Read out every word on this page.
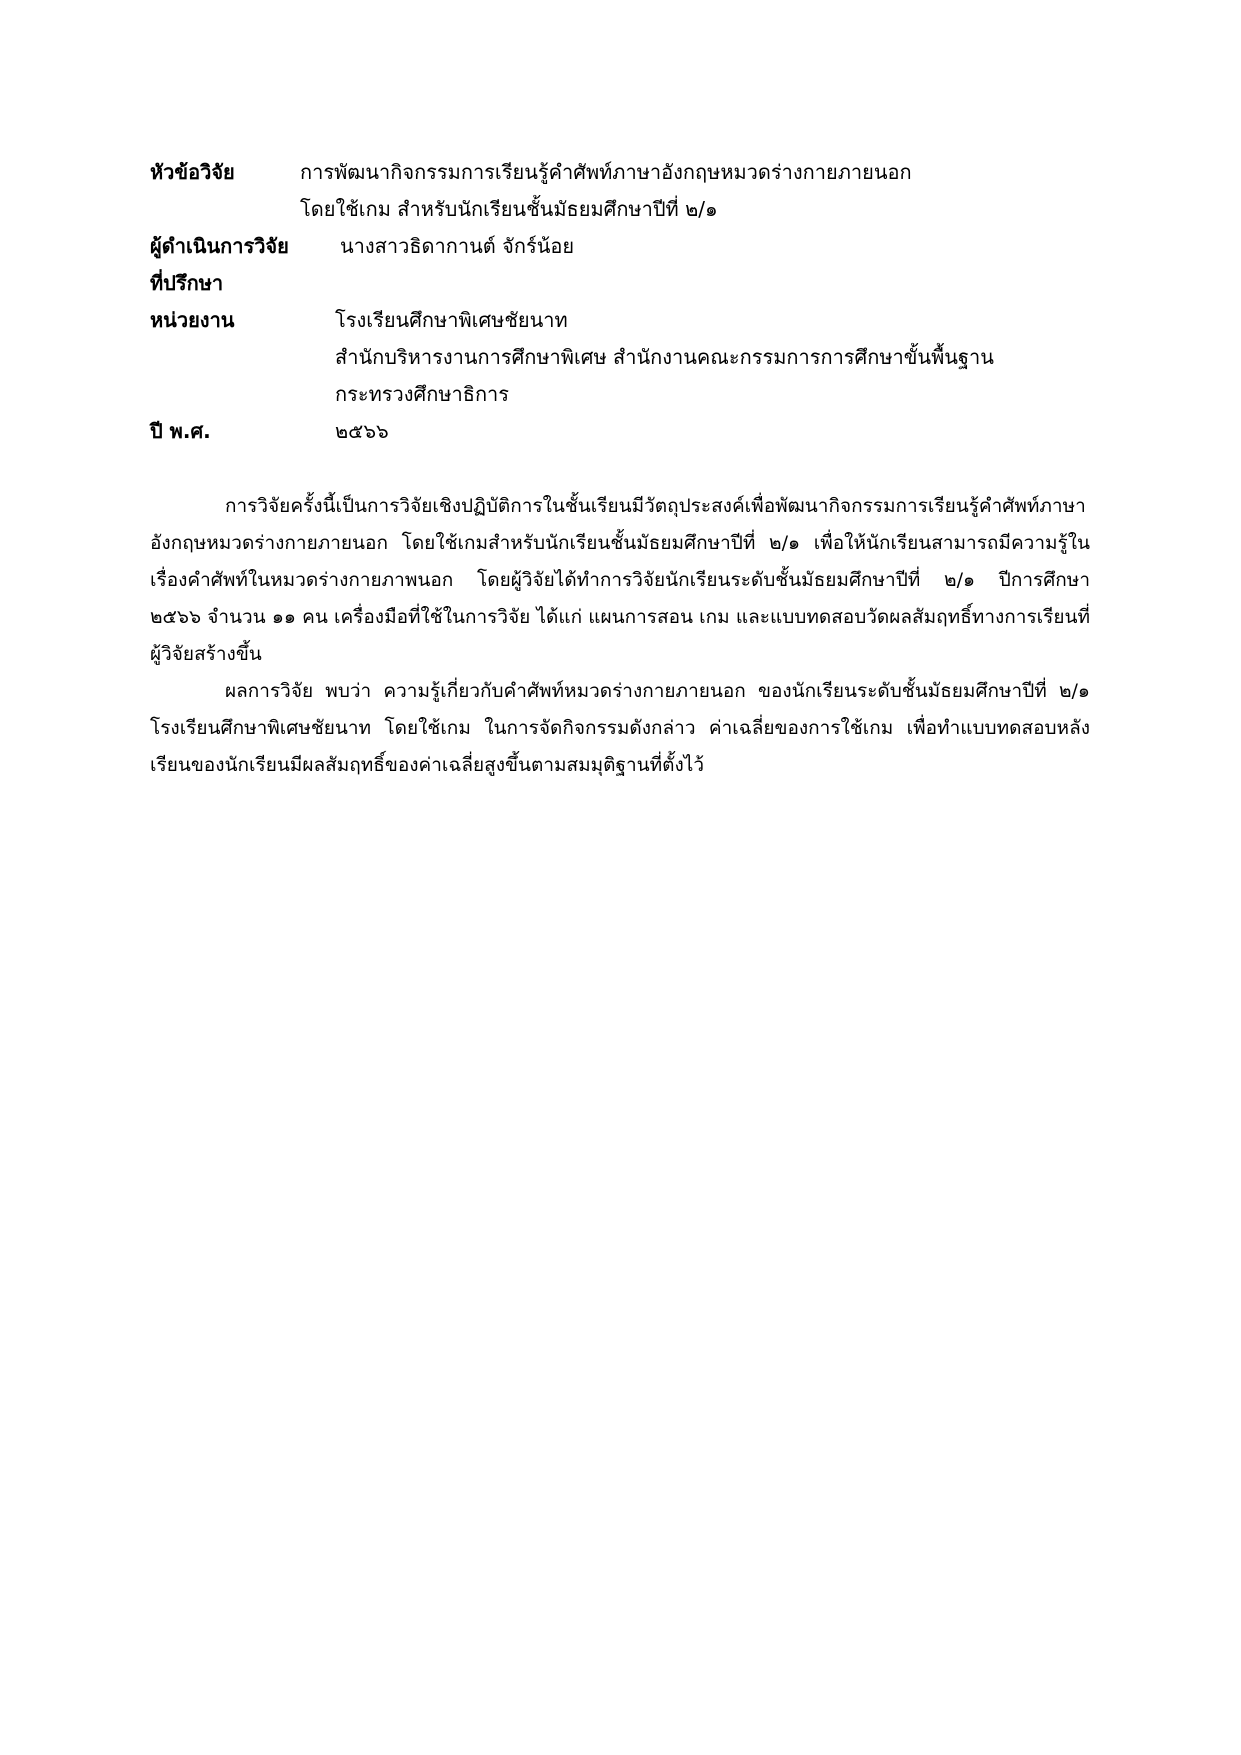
หัวข้อวิจัย	การพัฒนากิจกรรมการเรียนรู้คำศัพท์ภาษาอังกฤษหมวดร่างกายภายนอก
โดยใช้เกม สำหรับนักเรียนชั้นมัธยมศึกษาปีที่ ๒/๑
ผู้ดำเนินการวิจัย	นางสาวธิดากานต์ จักร์น้อย
ที่ปรึกษา
หน่วยงาน	โรงเรียนศึกษาพิเศษชัยนาท
สำนักบริหารงานการศึกษาพิเศษ สำนักงานคณะกรรมการการศึกษาขั้นพื้นฐาน
กระทรวงศึกษาธิการ
ปี พ.ศ.	๒๕๖๖

การวิจัยครั้งนี้เป็นการวิจัยเชิงปฏิบัติการในชั้นเรียนมีวัตถุประสงค์เพื่อพัฒนากิจกรรมการเรียนรู้คำศัพท์ภาษาอังกฤษหมวดร่างกายภายนอก โดยใช้เกมสำหรับนักเรียนชั้นมัธยมศึกษาปีที่ ๒/๑ เพื่อให้นักเรียนสามารถมีความรู้ในเรื่องคำศัพท์ในหมวดร่างกายภาพนอก โดยผู้วิจัยได้ทำการวิจัยนักเรียนระดับชั้นมัธยมศึกษาปีที่ ๒/๑ ปีการศึกษา ๒๕๖๖ จำนวน ๑๑ คน เครื่องมือที่ใช้ในการวิจัย ได้แก่ แผนการสอน เกม และแบบทดสอบวัดผลสัมฤทธิ์ทางการเรียนที่ผู้วิจัยสร้างขึ้น

ผลการวิจัย พบว่า ความรู้เกี่ยวกับคำศัพท์หมวดร่างกายภายนอก ของนักเรียนระดับชั้นมัธยมศึกษาปีที่ ๒/๑ โรงเรียนศึกษาพิเศษชัยนาท โดยใช้เกม ในการจัดกิจกรรมดังกล่าว ค่าเฉลี่ยของการใช้เกม เพื่อทำแบบทดสอบหลังเรียนของนักเรียนมีผลสัมฤทธิ์ของค่าเฉลี่ยสูงขึ้นตามสมมุติฐานที่ตั้งไว้
